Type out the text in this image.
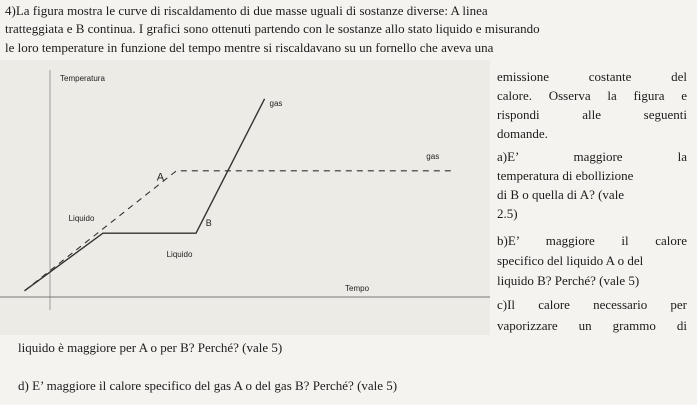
4)La figura mostra le curve di riscaldamento di due masse uguali di sostanze diverse: A linea
tratteggiata e B continua. I grafici sono ottenuti partendo con le sostanze allo stato liquido e misurando
le loro temperature in funzione del tempo mentre si riscaldavano su un fornello che aveva una
emissione costante del
calore. Osserva la figura e
rispondi alle seguenti
domande.
a)E’ maggiore la
temperatura di ebollizione
di B o quella di A? (vale
2.5)
b)E’ maggiore il calore
specifico del liquido A o del
liquido B? Perché? (vale 5)
c)Il calore necessario per
vaporizzare un grammo di
liquido è maggiore per A o per B? Perché? (vale 5)
d) E’ maggiore il calore specifico del gas A o del gas B? Perché? (vale 5)
Temperatura
Tempo
A
gas
gas
B
Liquido
Liquido
